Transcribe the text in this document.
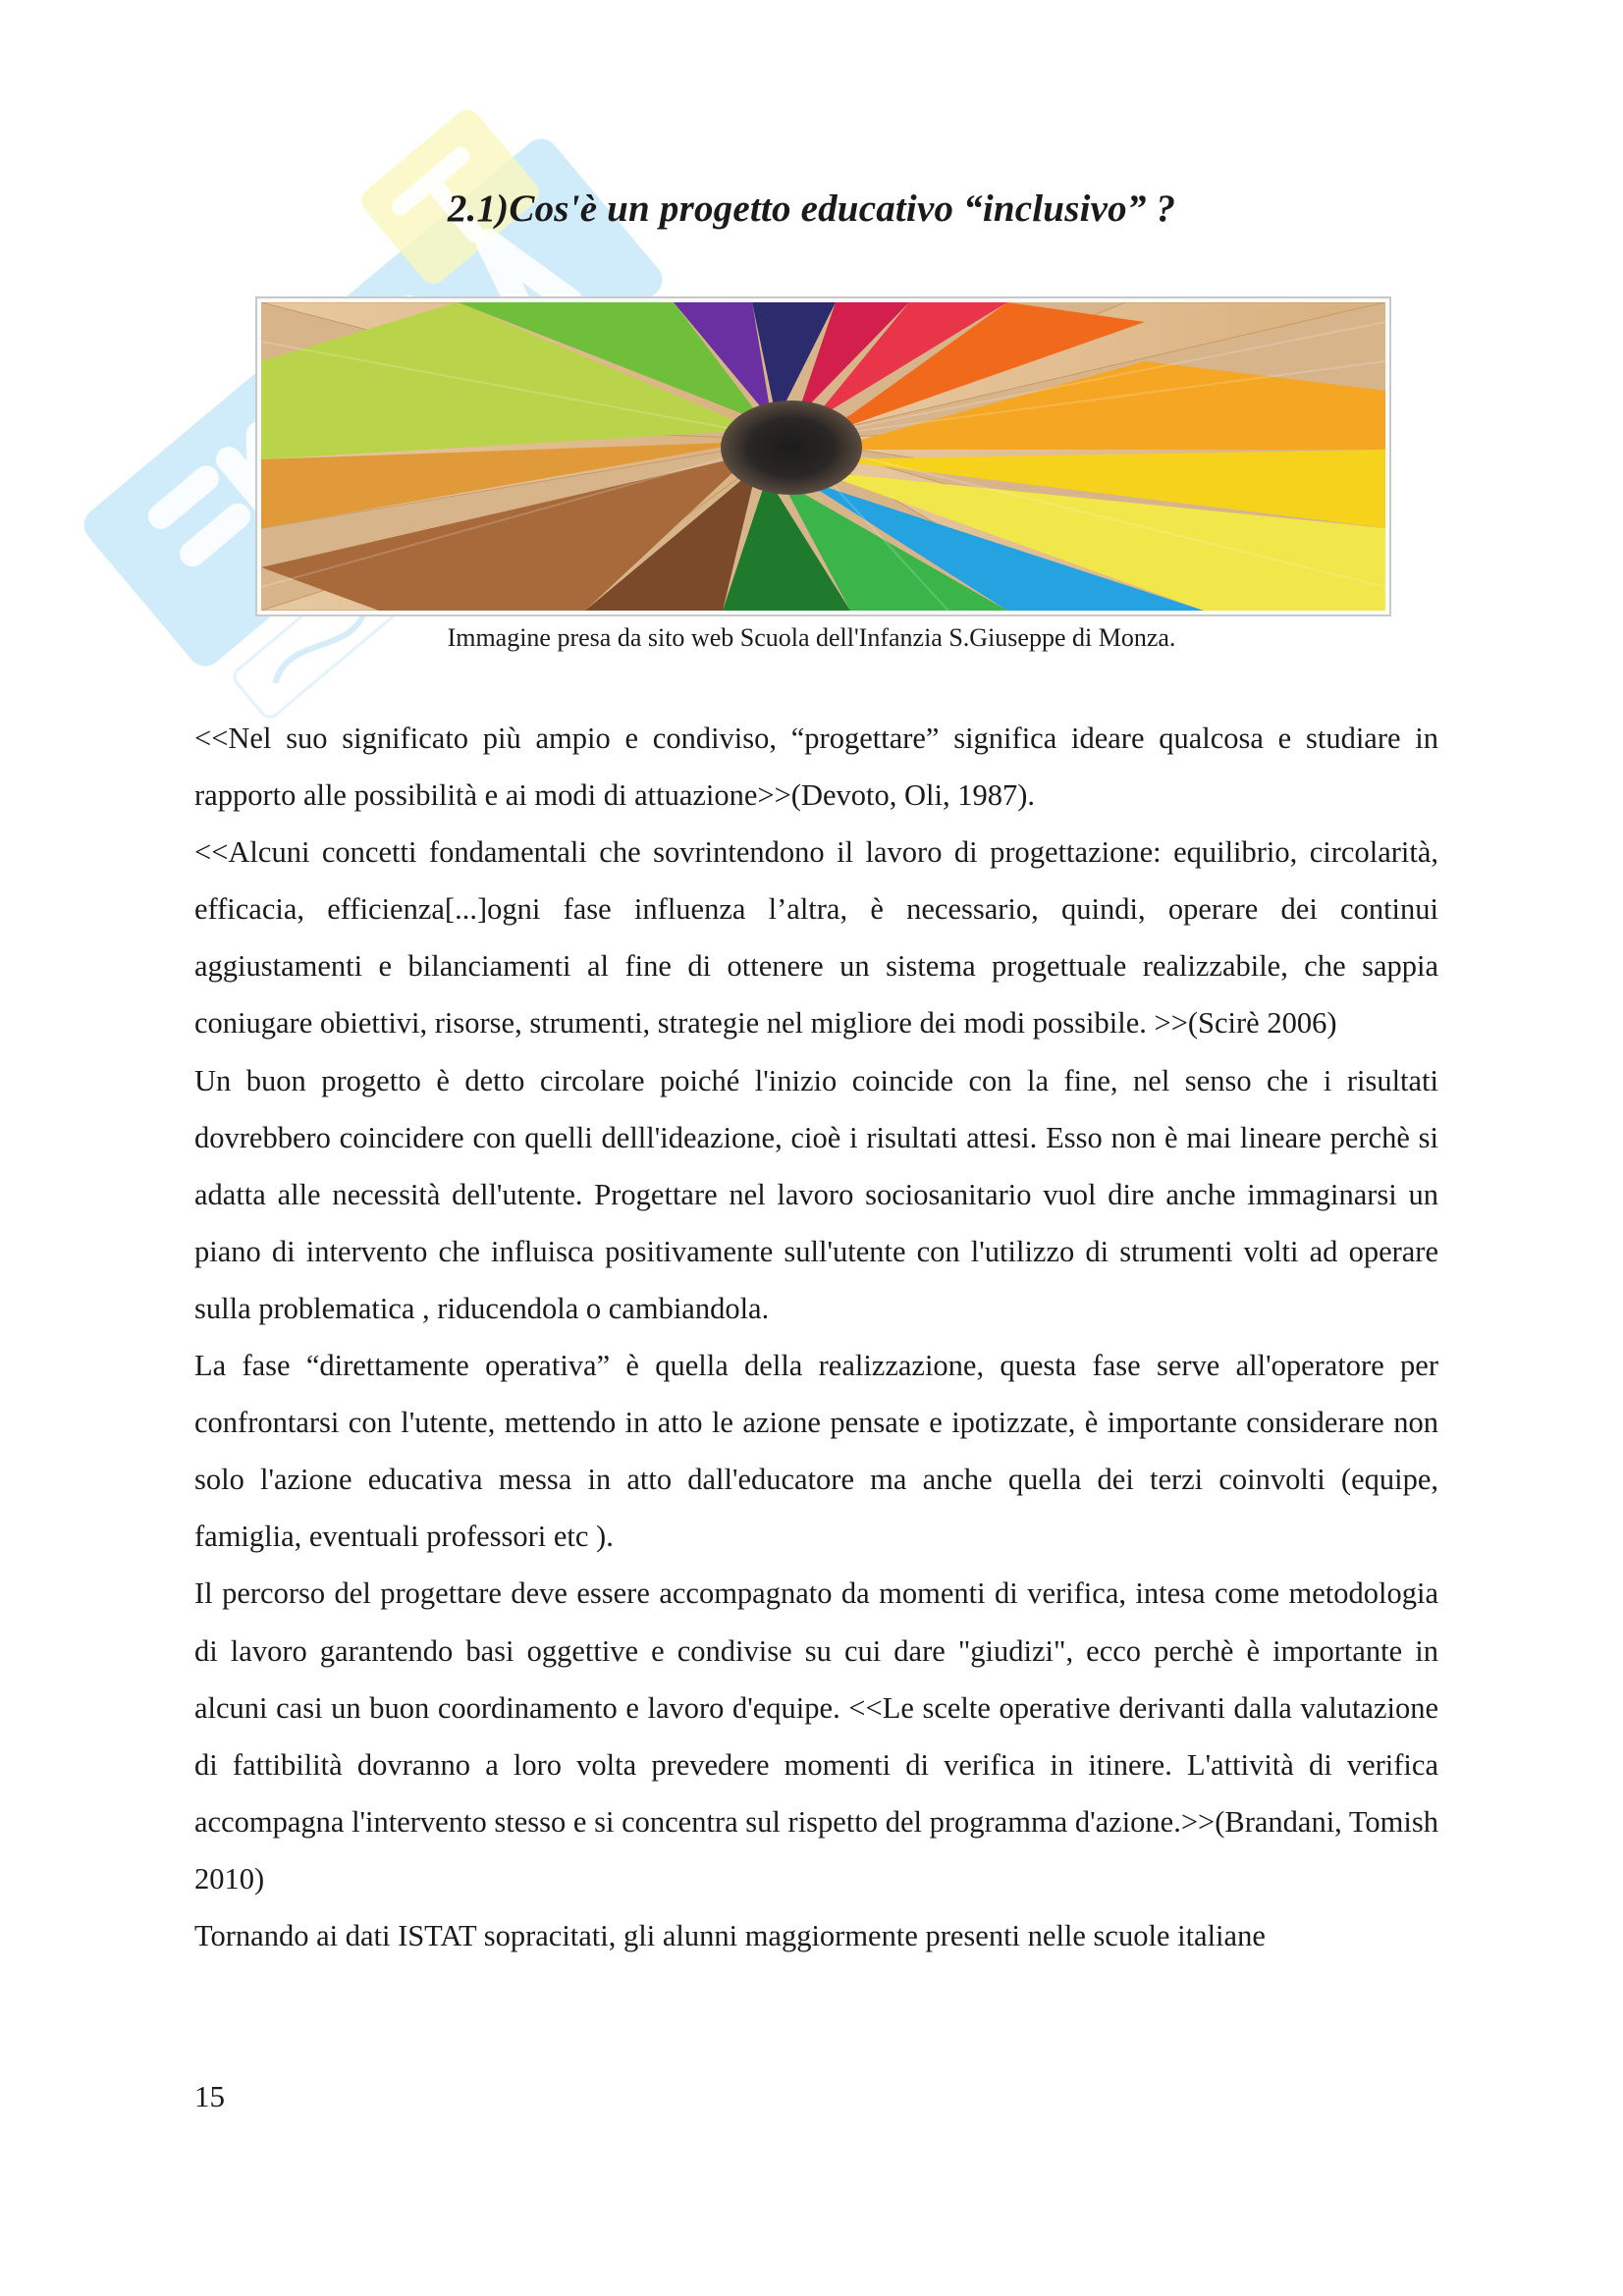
2.1)Cos'è un progetto educativo “inclusivo” ?
Immagine presa da sito web Scuola dell'Infanzia S.Giuseppe di Monza.

<<Nel suo significato più ampio e condiviso, “progettare” significa ideare qualcosa e studiare in rapporto alle possibilità e ai modi di attuazione>>(Devoto, Oli, 1987).

<<Alcuni concetti fondamentali che sovrintendono il lavoro di progettazione: equilibrio, circolarità, efficacia, efficienza[...]ogni fase influenza l’altra, è necessario, quindi, operare dei continui aggiustamenti e bilanciamenti al fine di ottenere un sistema progettuale realizzabile, che sappia coniugare obiettivi, risorse, strumenti, strategie nel migliore dei modi possibile. >>(Scirè 2006)

Un buon progetto è detto circolare poiché l'inizio coincide con la fine, nel senso che i risultati dovrebbero coincidere con quelli delll'ideazione, cioè i risultati attesi. Esso non è mai lineare perchè si adatta alle necessità dell'utente. Progettare nel lavoro sociosanitario vuol dire anche immaginarsi un piano di intervento che influisca positivamente sull'utente con l'utilizzo di strumenti volti ad operare sulla problematica , riducendola o cambiandola.

La fase “direttamente operativa” è quella della realizzazione, questa fase serve all'operatore per confrontarsi con l'utente, mettendo in atto le azione pensate e ipotizzate, è importante considerare non solo l'azione educativa messa in atto dall'educatore ma anche quella dei terzi coinvolti (equipe, famiglia, eventuali professori etc ).

Il percorso del progettare deve essere accompagnato da momenti di verifica, intesa come metodologia di lavoro garantendo basi oggettive e condivise su cui dare "giudizi", ecco perchè è importante in alcuni casi un buon coordinamento e lavoro d'equipe. <<Le scelte operative derivanti dalla valutazione di fattibilità dovranno a loro volta prevedere momenti di verifica in itinere. L'attività di verifica accompagna l'intervento stesso e si concentra sul rispetto del programma d'azione.>>(Brandani, Tomish 2010)

Tornando ai dati ISTAT sopracitati, gli alunni maggiormente presenti nelle scuole italiane

15
